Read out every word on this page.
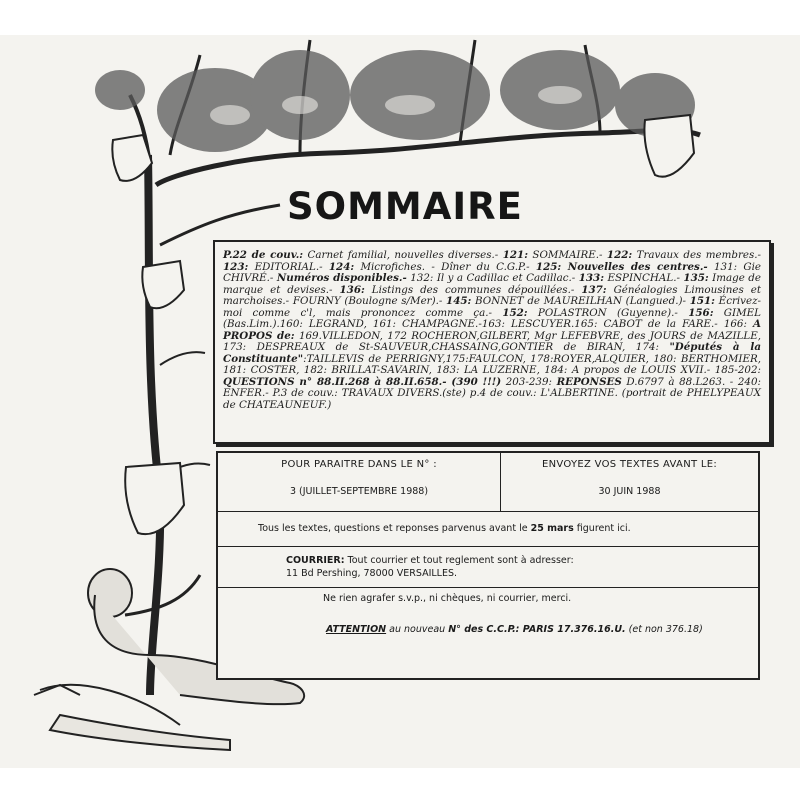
SOMMAIRE
P.22 de couv.: Carnet familial, nouvelles diverses.- 121: SOMMAIRE.- 122: Travaux des membres.- 123: EDITORIAL.- 124: Microfiches. - Dîner du C.G.P.- 125: Nouvelles des centres.- 131: Gie CHIVRÉ.- Numéros disponibles.- 132: Il y a Cadillac et Cadillac.- 133: ESPINCHAL.- 135: Image de marque et devises.- 136: Listings des communes dépouillées.- 137: Généalogies Limousines et marchoises.- FOURNY (Boulogne s/Mer).- 145: BONNET de MAUREILHAN (Langued.)- 151: Écrivez-moi comme c'l, mais prononcez comme ça.- 152: POLASTRON (Guyenne).- 156: GIMEL (Bas.Lim.).160: LEGRAND, 161: CHAMPAGNE.-163: LESCUYER.165: CABOT de la FARE.- 166: A PROPOS de: 169.VILLEDON, 172 ROCHERON,GILBERT, Mgr LEFEBVRE, des JOURS de MAZILLE, 173: DESPREAUX de St-SAUVEUR,CHASSAING,GONTIER de BIRAN, 174: "Députés à la Constituante":TAILLEVIS de PERRIGNY,175:FAULCON, 178:ROYER,ALQUIER, 180: BERTHOMIER, 181: COSTER, 182: BRILLAT-SAVARIN, 183: LA LUZERNE, 184: A propos de LOUIS XVII.- 185-202: QUESTIONS n° 88.II.268 à 88.II.658.- (390 !!!) 203-239: REPONSES D.6797 à 88.L263. - 240: ENFER.- P.3 de couv.: TRAVAUX DIVERS.(ste) p.4 de couv.: L'ALBERTINE. (portrait de PHELYPEAUX de CHATEAUNEUF.)
POUR PARAITRE DANS LE N° :
3 (JUILLET-SEPTEMBRE 1988)
ENVOYEZ VOS TEXTES AVANT LE:
30 JUIN 1988
Tous les textes, questions et reponses parvenus avant le 25 mars figurent ici.
COURRIER: Tout courrier et tout reglement sont à adresser:
11 Bd Pershing, 78000 VERSAILLES.
Ne rien agrafer s.v.p., ni chèques, ni courrier, merci.
ATTENTION au nouveau N° des C.C.P.: PARIS 17.376.16.U. (et non 376.18)
